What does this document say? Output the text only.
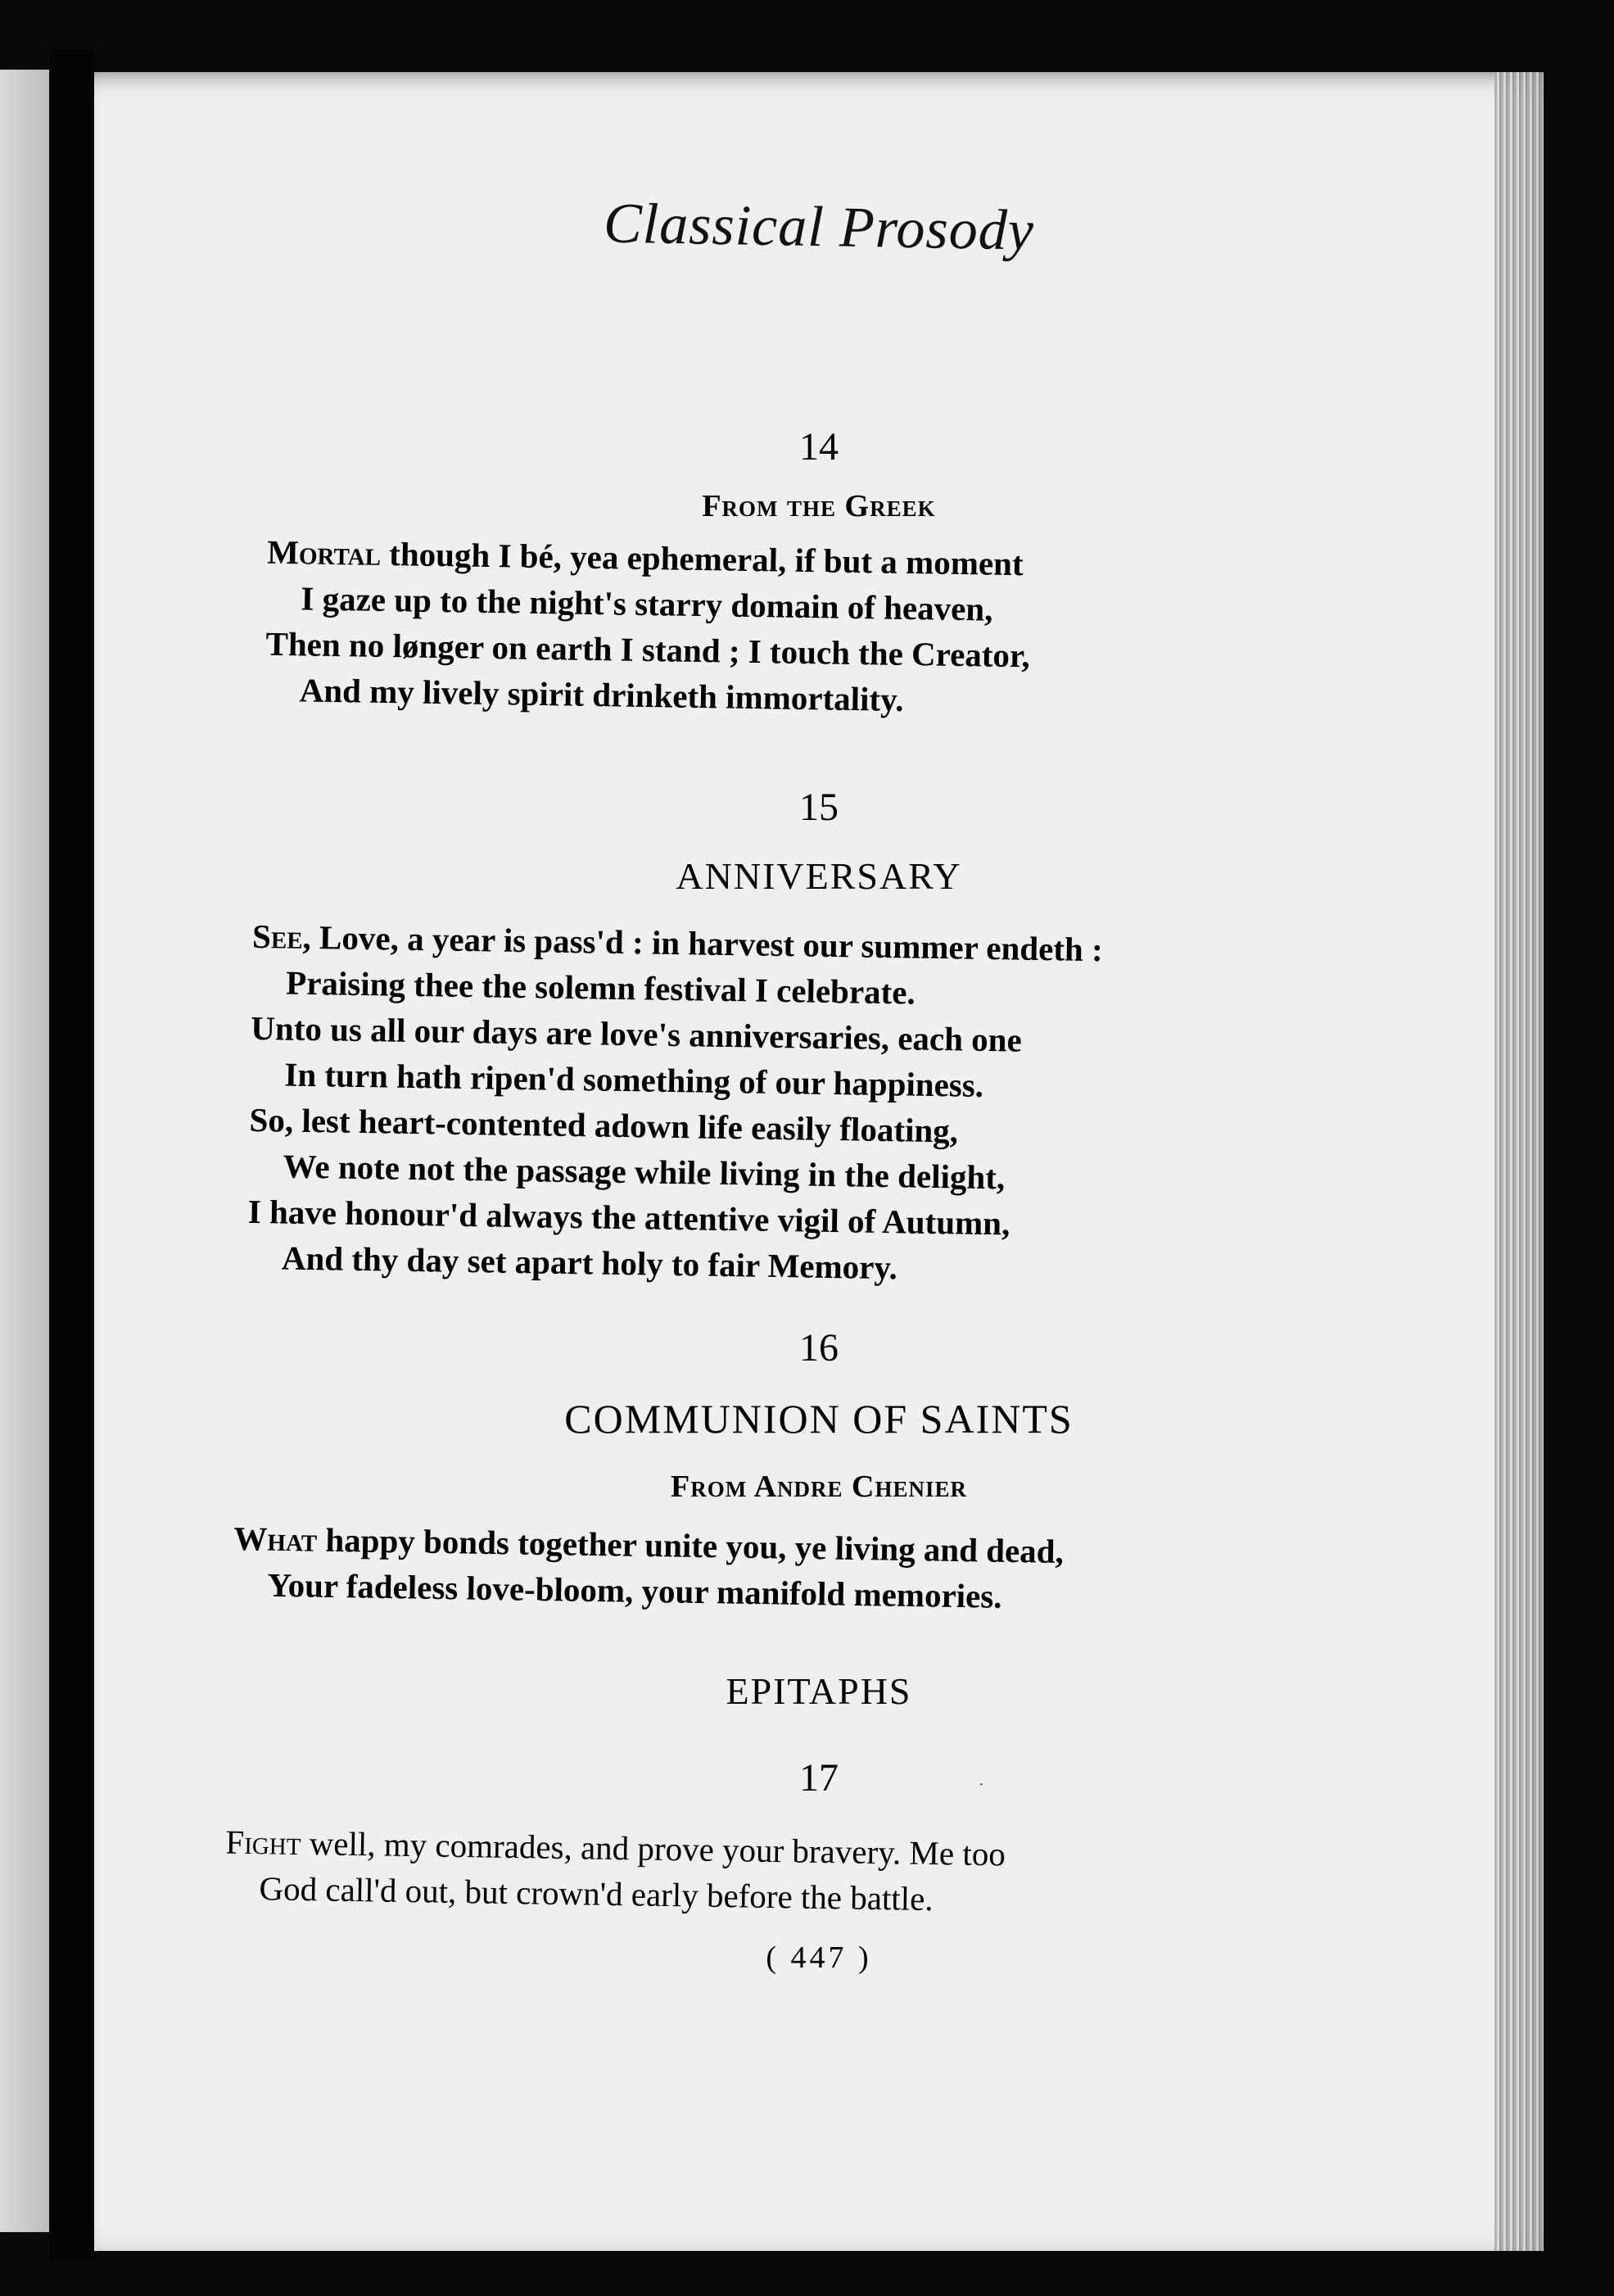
Classical Prosody
14
From the Greek
Mortal though I bé, yea ephemeral, if but a moment
I gaze up to the night's starry domain of heaven,
Then no lønger on earth I stand ; I touch the Creator,
And my lively spirit drinketh immortality.
15
ANNIVERSARY
See, Love, a year is pass'd : in harvest our summer endeth :
Praising thee the solemn festival I celebrate.
Unto us all our days are love's anniversaries, each one
In turn hath ripen'd something of our happiness.
So, lest heart-contented adown life easily floating,
We note not the passage while living in the delight,
I have honour'd always the attentive vigil of Autumn,
And thy day set apart holy to fair Memory.
16
COMMUNION OF SAINTS
From Andre Chenier
What happy bonds together unite you, ye living and dead,
Your fadeless love-bloom, your manifold memories.
EPITAPHS
17	·
Fight well, my comrades, and prove your bravery. Me too
God call'd out, but crown'd early before the battle.
( 447 )
